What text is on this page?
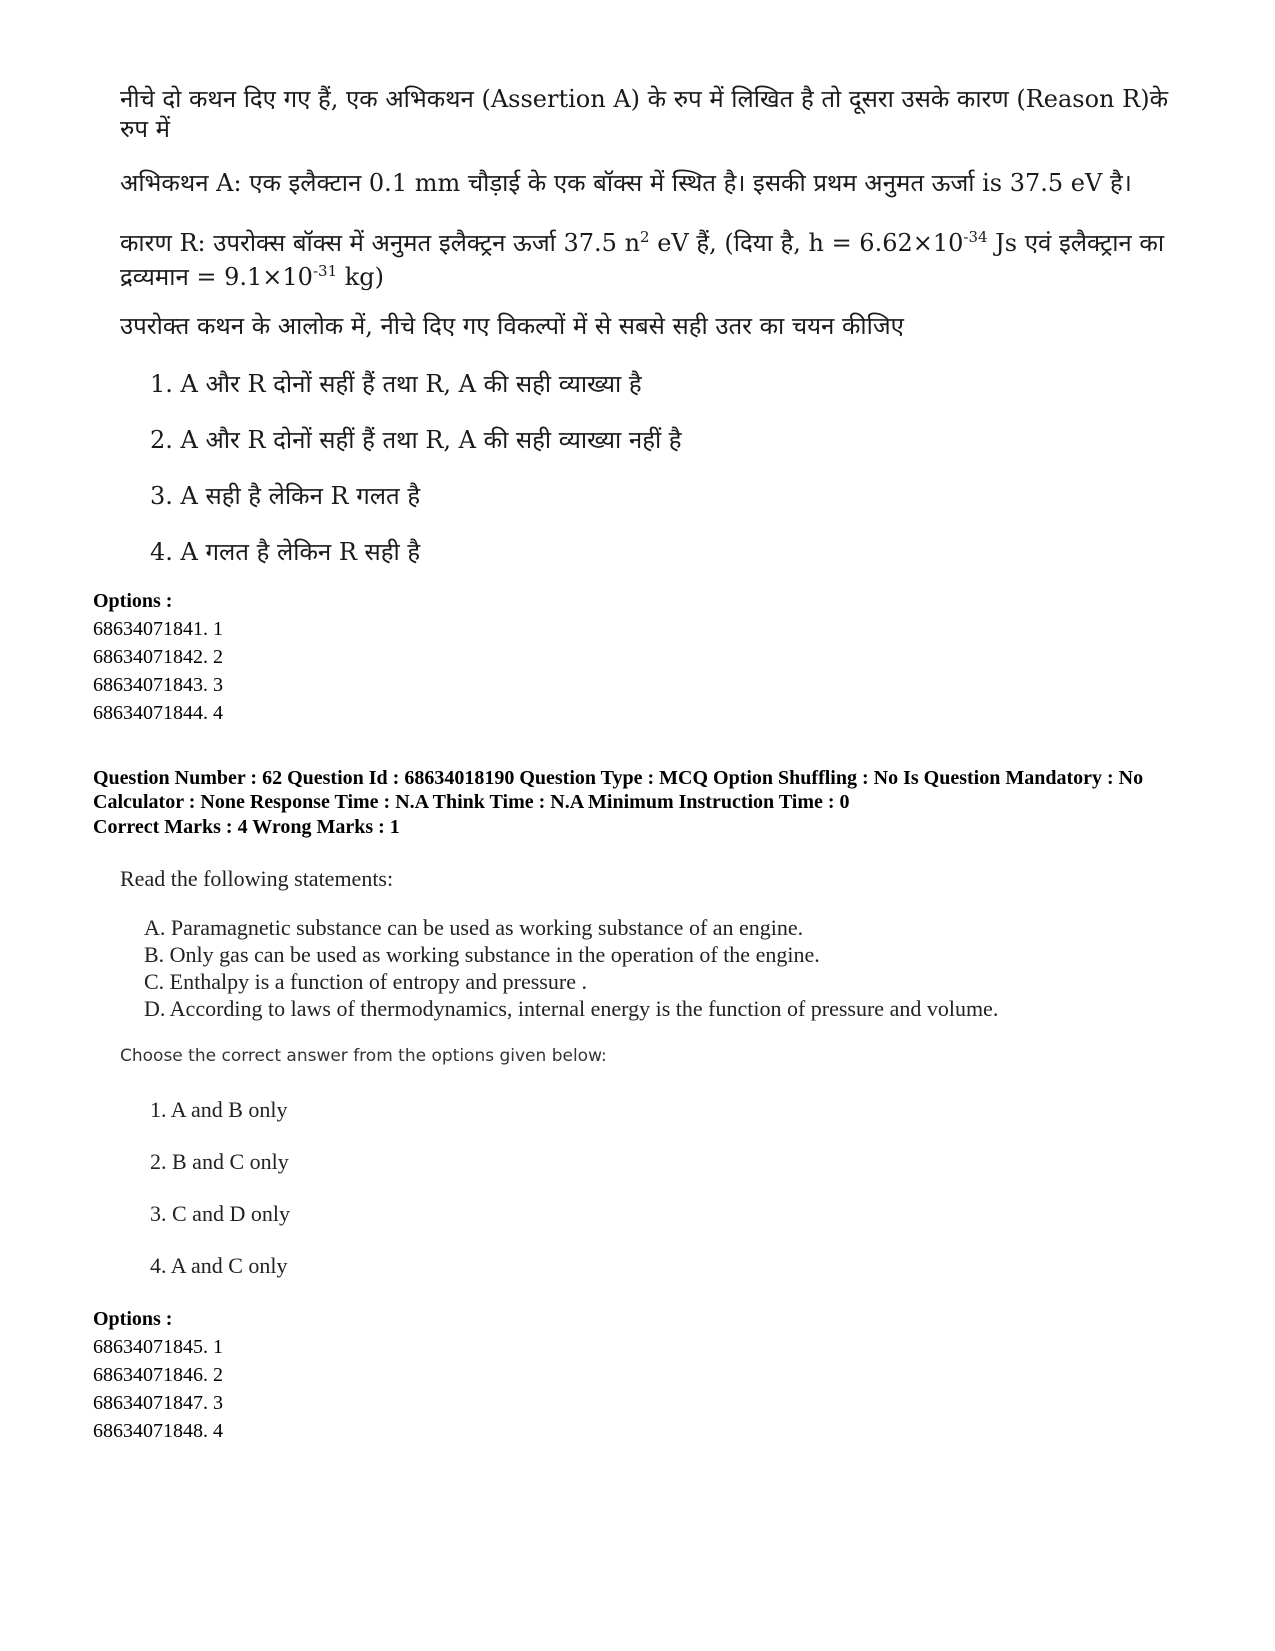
नीचे दो कथन दिए गए हैं, एक अभिकथन (Assertion A) के रुप में लिखित है तो दूसरा उसके कारण (Reason R)के रुप में
अभिकथन A: एक इलैक्टान 0.1 mm चौड़ाई के एक बॉक्स में स्थित है। इसकी प्रथम अनुमत ऊर्जा is 37.5 eV है।
कारण R: उपरोक्स बॉक्स में अनुमत इलैक्ट्रन ऊर्जा 37.5 $n^2$ eV हैं, (दिया है, $h = 6.62\times 10^{-34}$ Js एवं इलैक्ट्रान का द्रव्यमान = $9.1\times 10^{-31}$ kg)
उपरोक्त कथन के आलोक में, नीचे दिए गए विकल्पों में से सबसे सही उतर का चयन कीजिए
1. A और R दोनों सहीं हैं तथा R, A की सही व्याख्या है
2. A और R दोनों सहीं हैं तथा R, A की सही व्याख्या नहीं है
3. A सही है लेकिन R गलत है
4. A गलत है लेकिन R सही है
Options :
68634071841. 1
68634071842. 2
68634071843. 3
68634071844. 4
Question Number : 62 Question Id : 68634018190 Question Type : MCQ Option Shuffling : No Is Question Mandatory : No Calculator : None Response Time : N.A Think Time : N.A Minimum Instruction Time : 0
Correct Marks : 4 Wrong Marks : 1
Read the following statements:
A. Paramagnetic substance can be used as working substance of an engine.
B. Only gas can be used as working substance in the operation of the engine.
C. Enthalpy is a function of entropy and pressure .
D. According to laws of thermodynamics, internal energy is the function of pressure and volume.
Choose the correct answer from the options given below:
1. A and B only
2. B and C only
3. C and D only
4. A and C only
Options :
68634071845. 1
68634071846. 2
68634071847. 3
68634071848. 4
